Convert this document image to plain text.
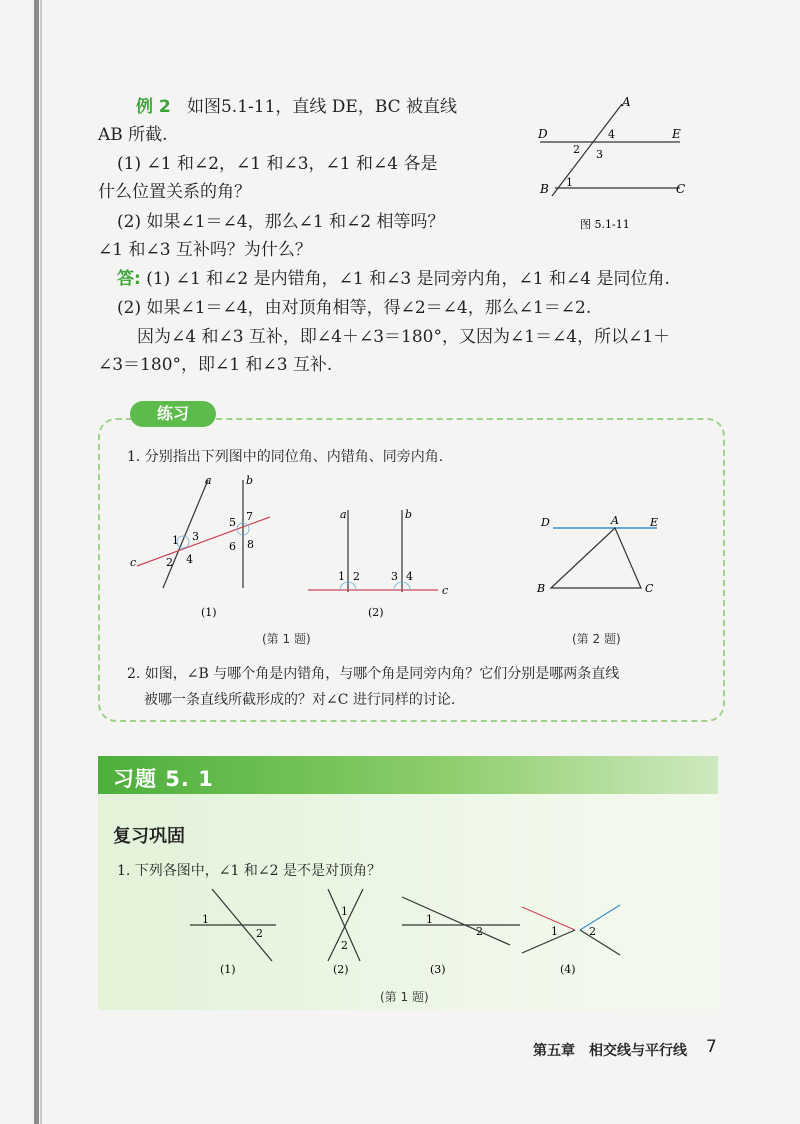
例 2 如图5.1-11，直线 DE，BC 被直线
AB 所截.
(1) ∠1 和∠2，∠1 和∠3，∠1 和∠4 各是
什么位置关系的角？
(2) 如果∠1＝∠4，那么∠1 和∠2 相等吗？
∠1 和∠3 互补吗？为什么？
答: (1) ∠1 和∠2 是内错角，∠1 和∠3 是同旁内角，∠1 和∠4 是同位角.
(2) 如果∠1＝∠4，由对顶角相等，得∠2＝∠4，那么∠1＝∠2.
因为∠4 和∠3 互补，即∠4＋∠3＝180°，又因为∠1＝∠4，所以∠1＋
∠3＝180°，即∠1 和∠3 互补.
A
D	E
B	C
1
2 3
4
图 5.1-11
练习
1. 分别指出下列图中的同位角、内错角、同旁内角.
a	b
c
1 3
2 4
5 7
6 8
(1)
a	b
c
1 2	3 4
(2)
D	A	E
B	C
(第 1 题)	(第 2 题)
2. 如图，∠B 与哪个角是内错角，与哪个角是同旁内角？它们分别是哪两条直线
被哪一条直线所截形成的？对∠C 进行同样的讨论.
习题 5. 1
复习巩固
1. 下列各图中，∠1 和∠2 是不是对顶角？
1
2
(1)
1
2
(2)
1
2
(3)
1	2
(4)
(第 1 题)
第五章　相交线与平行线 7
